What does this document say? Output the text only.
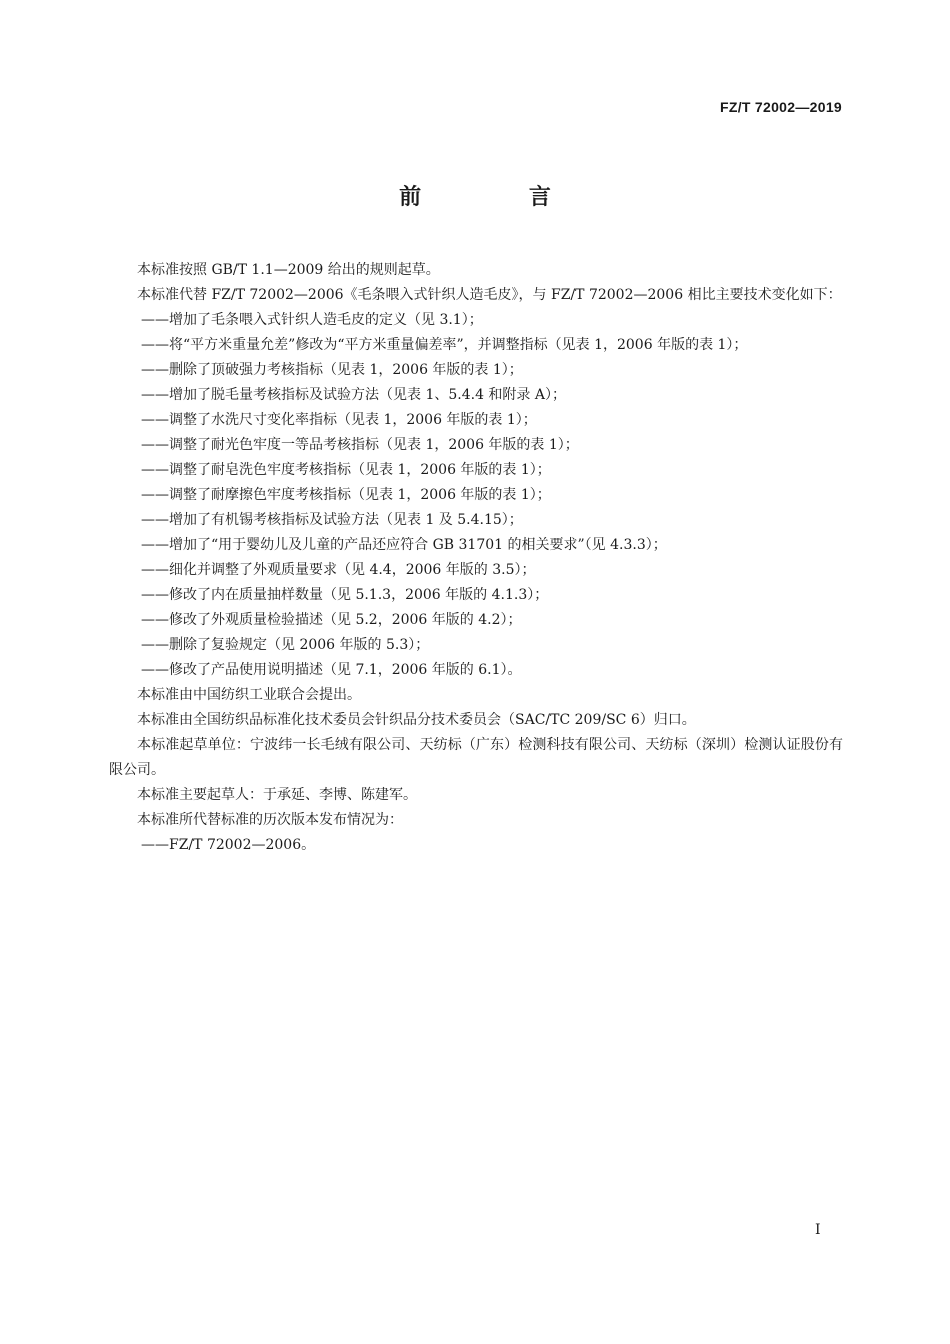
FZ/T 72002—2019
前 言

本标准按照 GB/T 1.1—2009 给出的规则起草。

本标准代替 FZ/T 72002—2006《毛条喂入式针织人造毛皮》，与 FZ/T 72002—2006 相比主要技术变化如下：

——增加了毛条喂入式针织人造毛皮的定义（见 3.1）；

——将“平方米重量允差”修改为“平方米重量偏差率”，并调整指标（见表 1，2006 年版的表 1）；

——删除了顶破强力考核指标（见表 1，2006 年版的表 1）；

——增加了脱毛量考核指标及试验方法（见表 1、5.4.4 和附录 A）；

——调整了水洗尺寸变化率指标（见表 1，2006 年版的表 1）；

——调整了耐光色牢度一等品考核指标（见表 1，2006 年版的表 1）；

——调整了耐皂洗色牢度考核指标（见表 1，2006 年版的表 1）；

——调整了耐摩擦色牢度考核指标（见表 1，2006 年版的表 1）；

——增加了有机锡考核指标及试验方法（见表 1 及 5.4.15）；

——增加了“用于婴幼儿及儿童的产品还应符合 GB 31701 的相关要求”（见 4.3.3）；

——细化并调整了外观质量要求（见 4.4，2006 年版的 3.5）；

——修改了内在质量抽样数量（见 5.1.3，2006 年版的 4.1.3）；

——修改了外观质量检验描述（见 5.2，2006 年版的 4.2）；

——删除了复验规定（见 2006 年版的 5.3）；

——修改了产品使用说明描述（见 7.1，2006 年版的 6.1）。

本标准由中国纺织工业联合会提出。

本标准由全国纺织品标准化技术委员会针织品分技术委员会（SAC/TC 209/SC 6）归口。

本标准起草单位：宁波纬一长毛绒有限公司、天纺标（广东）检测科技有限公司、天纺标（深圳）检测认证股份有限公司。

本标准主要起草人：于承延、李博、陈建军。

本标准所代替标准的历次版本发布情况为：

——FZ/T 72002—2006。

I
